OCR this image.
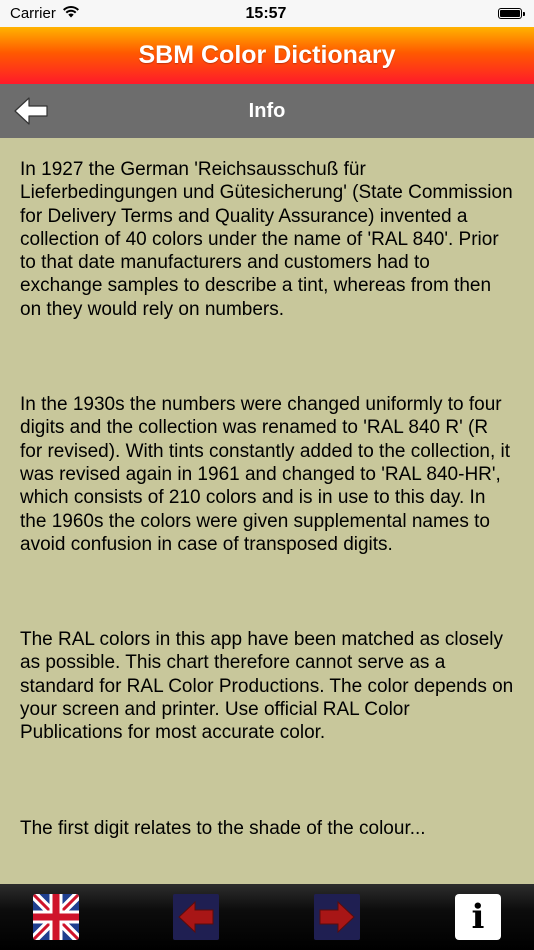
Carrier	15:57
SBM Color Dictionary
Info

In 1927 the German 'Reichsausschuß für Lieferbedingungen und Gütesicherung' (State Commission for Delivery Terms and Quality Assurance) invented a collection of 40 colors under the name of 'RAL 840'. Prior to that date manufacturers and customers had to exchange samples to describe a tint, whereas from then on they would rely on numbers.

In the 1930s the numbers were changed uniformly to four digits and the collection was renamed to 'RAL 840 R' (R for revised). With tints constantly added to the collection, it was revised again in 1961 and changed to 'RAL 840-HR', which consists of 210 colors and is in use to this day. In the 1960s the colors were given supplemental names to avoid confusion in case of transposed digits.

The RAL colors in this app have been matched as closely as possible. This chart therefore cannot serve as a standard for RAL Color Productions. The color depends on your screen and printer. Use official RAL Color Publications for most accurate color.

The first digit relates to the shade of the colour...

i
